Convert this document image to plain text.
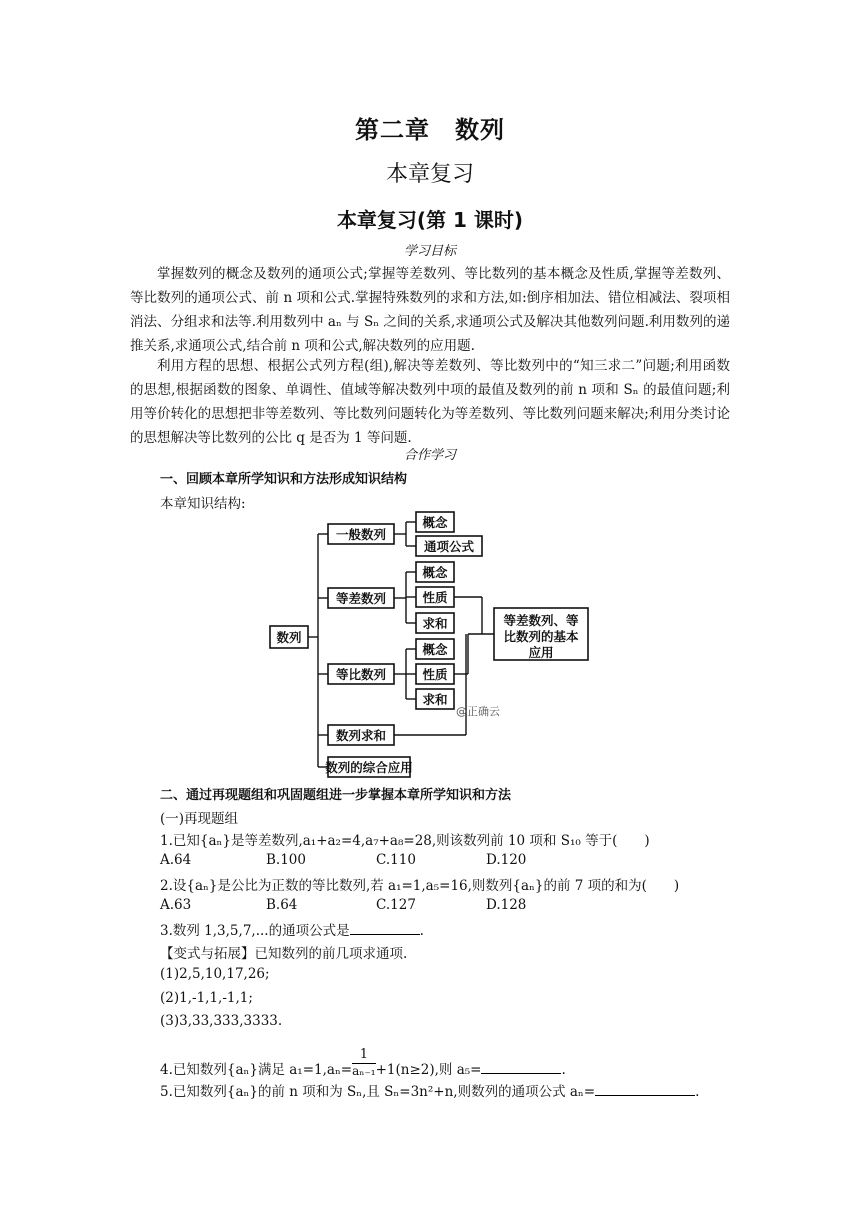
第二章　数列
本章复习
本章复习(第 1 课时)
学习目标
掌握数列的概念及数列的通项公式;掌握等差数列、等比数列的基本概念及性质,掌握等差数列、等比数列的通项公式、前 n 项和公式.掌握特殊数列的求和方法,如:倒序相加法、错位相减法、裂项相消法、分组求和法等.利用数列中 aₙ 与 Sₙ 之间的关系,求通项公式及解决其他数列问题.利用数列的递推关系,求通项公式,结合前 n 项和公式,解决数列的应用题.
利用方程的思想、根据公式列方程(组),解决等差数列、等比数列中的“知三求二”问题;利用函数的思想,根据函数的图象、单调性、值域等解决数列中项的最值及数列的前 n 项和 Sₙ 的最值问题;利用等价转化的思想把非等差数列、等比数列问题转化为等差数列、等比数列问题来解决;利用分类讨论的思想解决等比数列的公比 q 是否为 1 等问题.
合作学习
一、回顾本章所学知识和方法形成知识结构
本章知识结构:
数列
一般数列
概念
通项公式
等差数列
概念
性质
求和
等比数列
概念
性质
求和
数列求和
数列的综合应用
等差数列、等
比数列的基本
应用
@正确云
二、通过再现题组和巩固题组进一步掌握本章所学知识和方法
(一)再现题组
1.已知{aₙ}是等差数列,a₁+a₂=4,a₇+a₈=28,则该数列前 10 项和 S₁₀ 等于(　　)
A.64	B.100	C.110	D.120
2.设{aₙ}是公比为正数的等比数列,若 a₁=1,a₅=16,则数列{aₙ}的前 7 项的和为(　　)
A.63	B.64	C.127	D.128
3.数列 1,3,5,7,...的通项公式是	.
【变式与拓展】已知数列的前几项求通项.
(1)2,5,10,17,26;
(2)1,-1,1,-1,1;
(3)3,33,333,3333.
4.已知数列{aₙ}满足 $a_1=1,a_n= \frac{1}{\text{aₙ₋₁}} +1(n\ge 2)$,则 a₅=	.
5.已知数列{aₙ}的前 n 项和为 Sₙ,且 Sₙ=3n²+n,则数列的通项公式 aₙ=	.
